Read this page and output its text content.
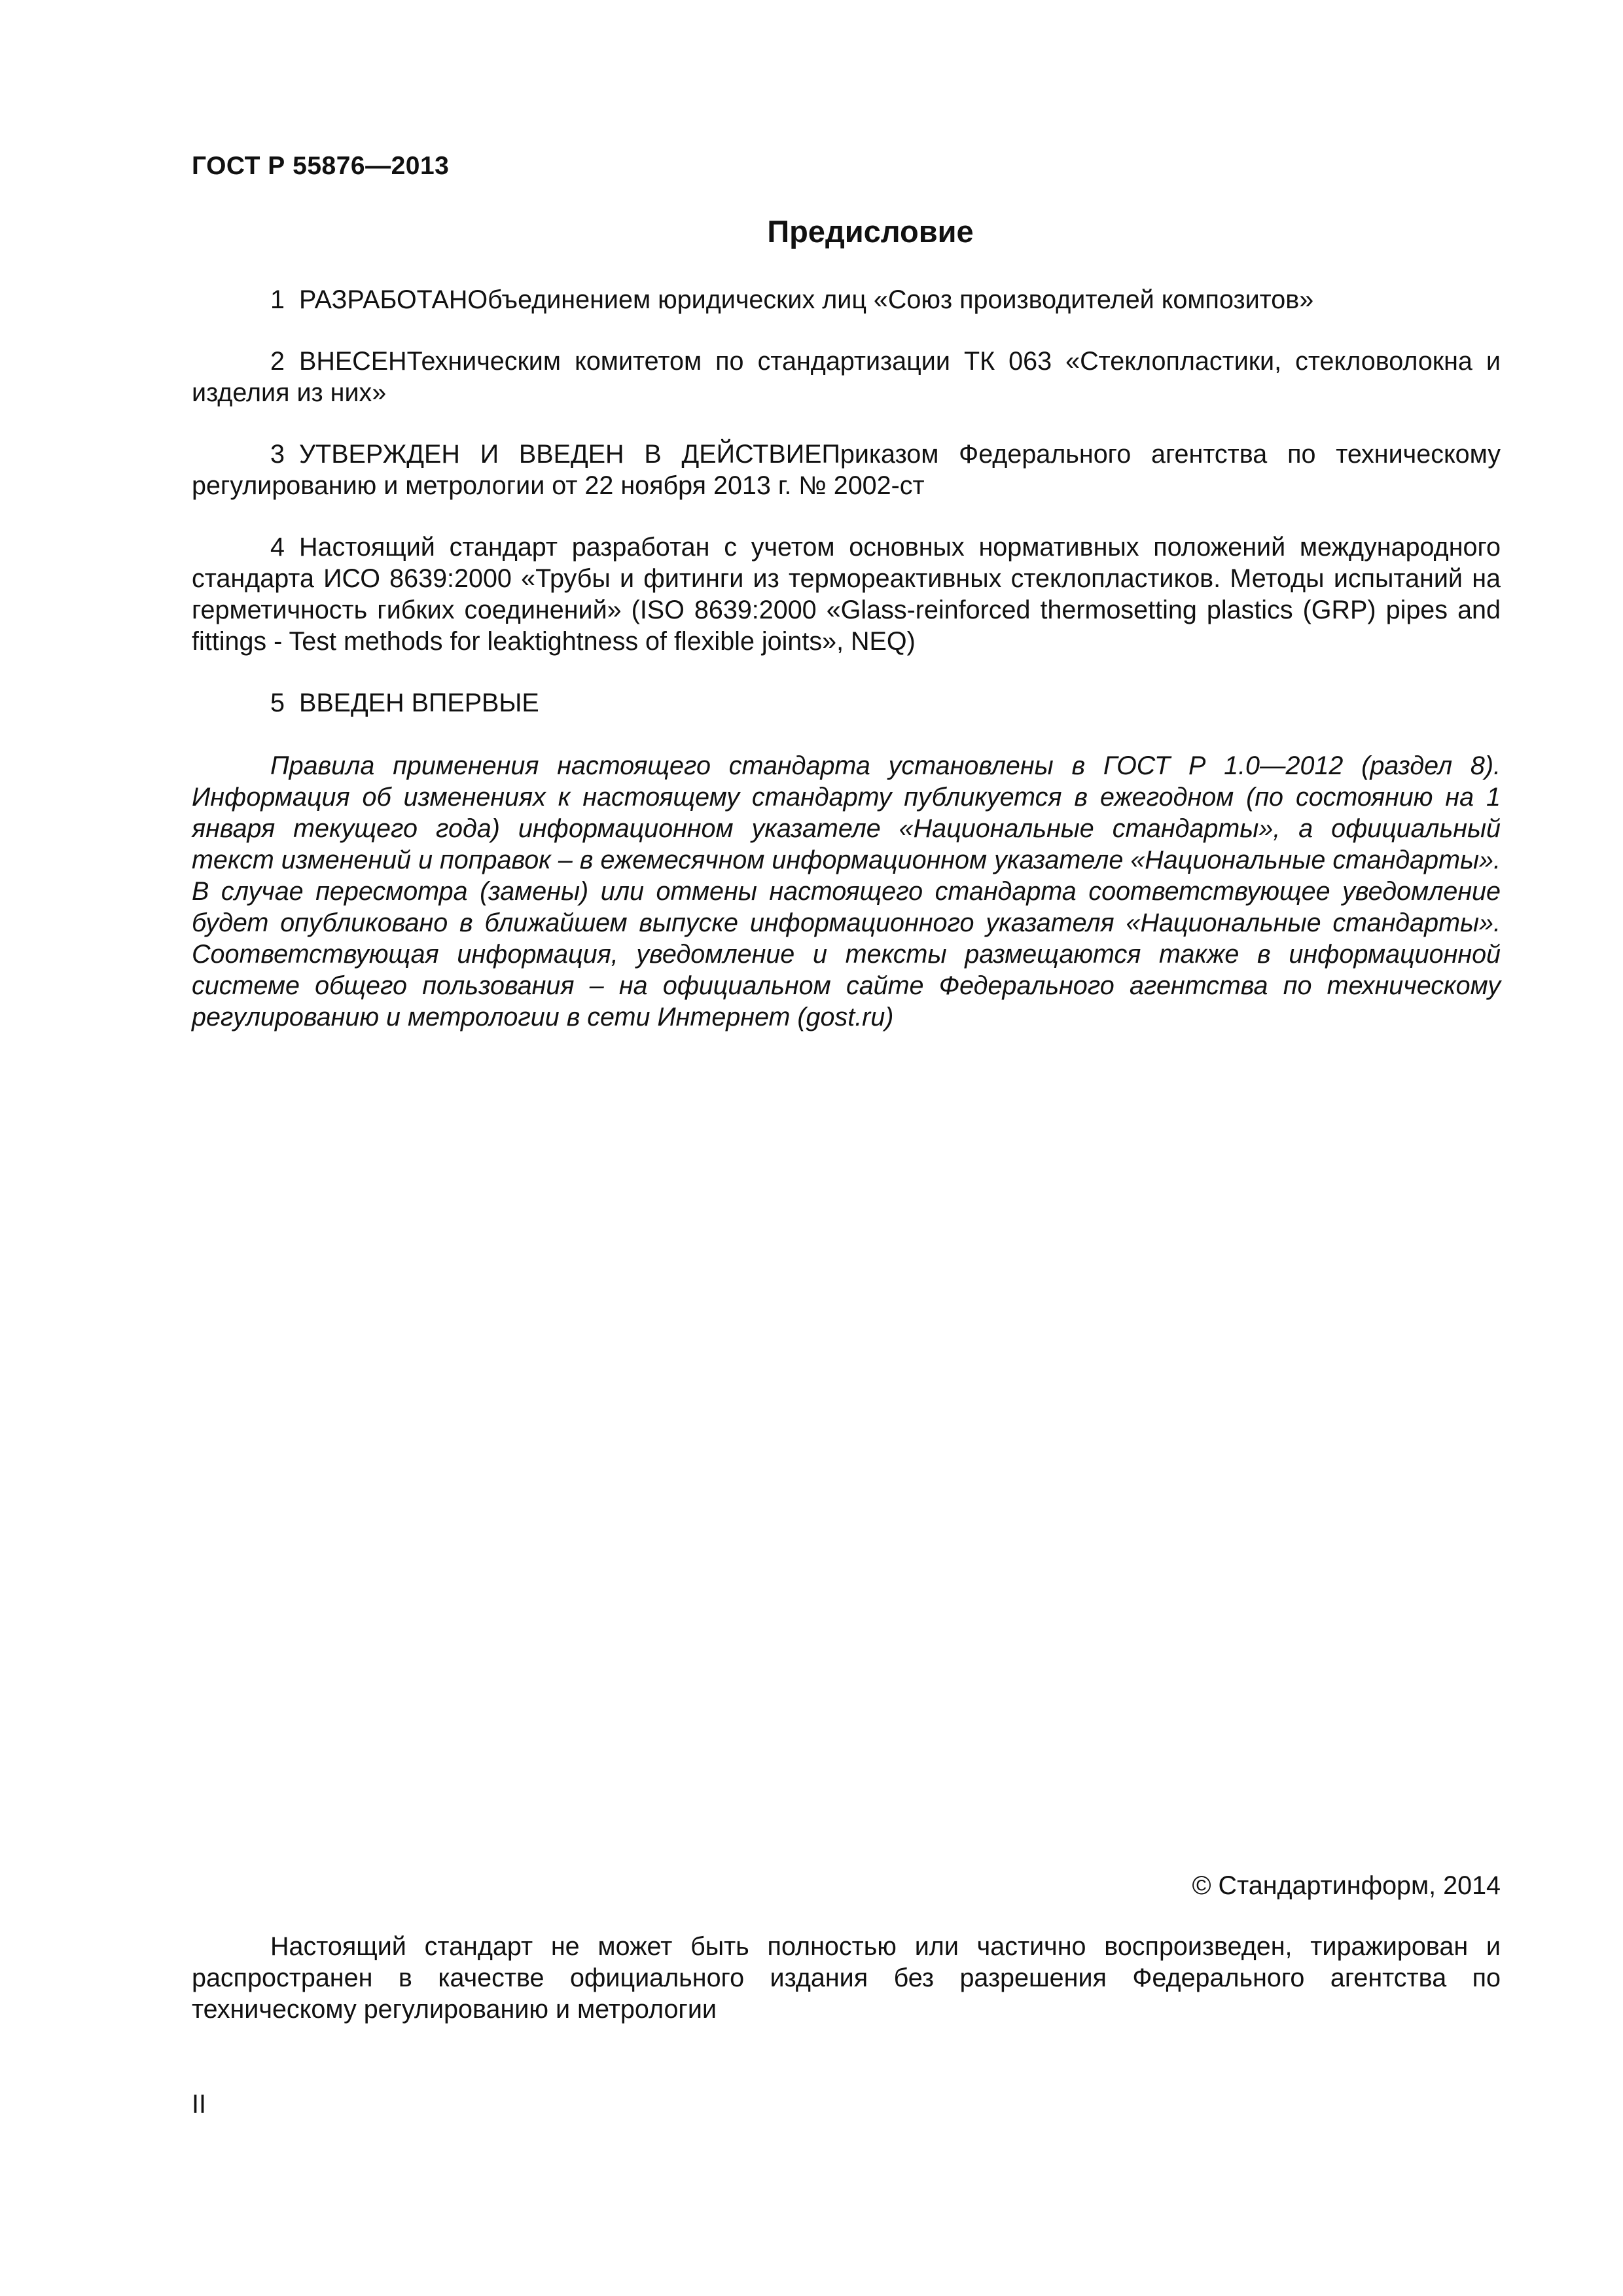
ГОСТ Р 55876—2013
Предисловие

1 РАЗРАБОТАНОбъединением юридических лиц «Союз производителей композитов»

2 ВНЕСЕНТехническим комитетом по стандартизации ТК 063 «Стеклопластики, стекловолокна и изделия из них»

3 УТВЕРЖДЕН И ВВЕДЕН В ДЕЙСТВИЕПриказом Федерального агентства по техническому регулированию и метрологии от 22 ноября 2013 г. № 2002-ст

4 Настоящий стандарт разработан с учетом основных нормативных положений международного стандарта ИСО 8639:2000 «Трубы и фитинги из термореактивных стеклопластиков. Методы испытаний на герметичность гибких соединений» (ISO 8639:2000 «Glass-reinforced thermosetting plastics (GRP) pipes and fittings - Test methods for leaktightness of flexible joints», NEQ)

5 ВВЕДЕН ВПЕРВЫЕ

Правила применения настоящего стандарта установлены в ГОСТ Р 1.0—2012 (раздел 8). Информация об изменениях к настоящему стандарту публикуется в ежегодном (по состоянию на 1 января текущего года) информационном указателе «Национальные стандарты», а официальный текст изменений и поправок – в ежемесячном информационном указателе «Национальные стандарты». В случае пересмотра (замены) или отмены настоящего стандарта соответствующее уведомление будет опубликовано в ближайшем выпуске информационного указателя «Национальные стандарты». Соответствующая информация, уведомление и тексты размещаются также в информационной системе общего пользования – на официальном сайте Федерального агентства по техническому регулированию и метрологии в сети Интернет (gost.ru)

© Стандартинформ, 2014

Настоящий стандарт не может быть полностью или частично воспроизведен, тиражирован и распространен в качестве официального издания без разрешения Федерального агентства по техническому регулированию и метрологии

II
